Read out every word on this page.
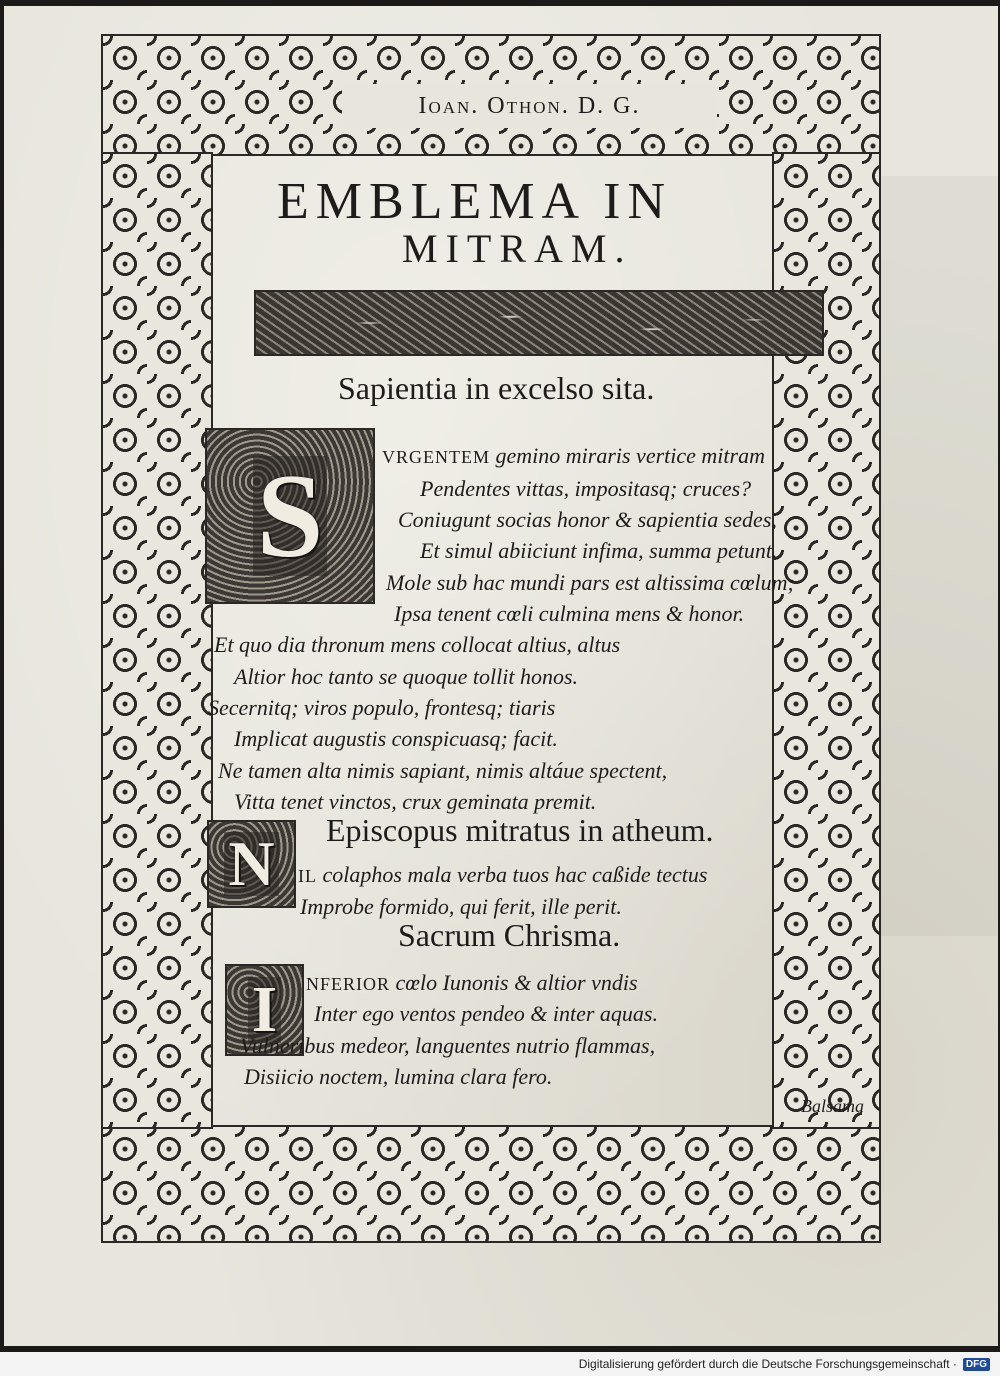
Ioan. Othon. D. G.
EMBLEMA IN
MITRAM.
Sapientia in excelso sita.
S	VRGENTEM gemino miraris vertice mitram
Pendentes vittas, impositasq; cruces?
Coniugunt socias honor & sapientia sedes,
Et simul abiiciunt infima, summa petunt.
Mole sub hac mundi pars est altissima cœlum;
Ipsa tenent cœli culmina mens & honor.
Et quo dia thronum mens collocat altius, altus
Altior hoc tanto se quoque tollit honos.
Secernitq; viros populo, frontesq; tiaris
Implicat augustis conspicuasq; facit.
Ne tamen alta nimis sapiant, nimis altáue spectent,
Vitta tenet vinctos, crux geminata premit.
Episcopus mitratus in atheum.
N IL colaphos mala verba tuos hac caßide tectus
Improbe formido, qui ferit, ille perit.
Sacrum Chrisma.
I NFERIOR cœlo Iunonis & altior vndis
Inter ego ventos pendeo & inter aquas.
Vulneribus medeor, languentes nutrio flammas,
Disiicio noctem, lumina clara fero.
Balsama
Digitalisierung gefördert durch die Deutsche Forschungsgemeinschaft · DFG
